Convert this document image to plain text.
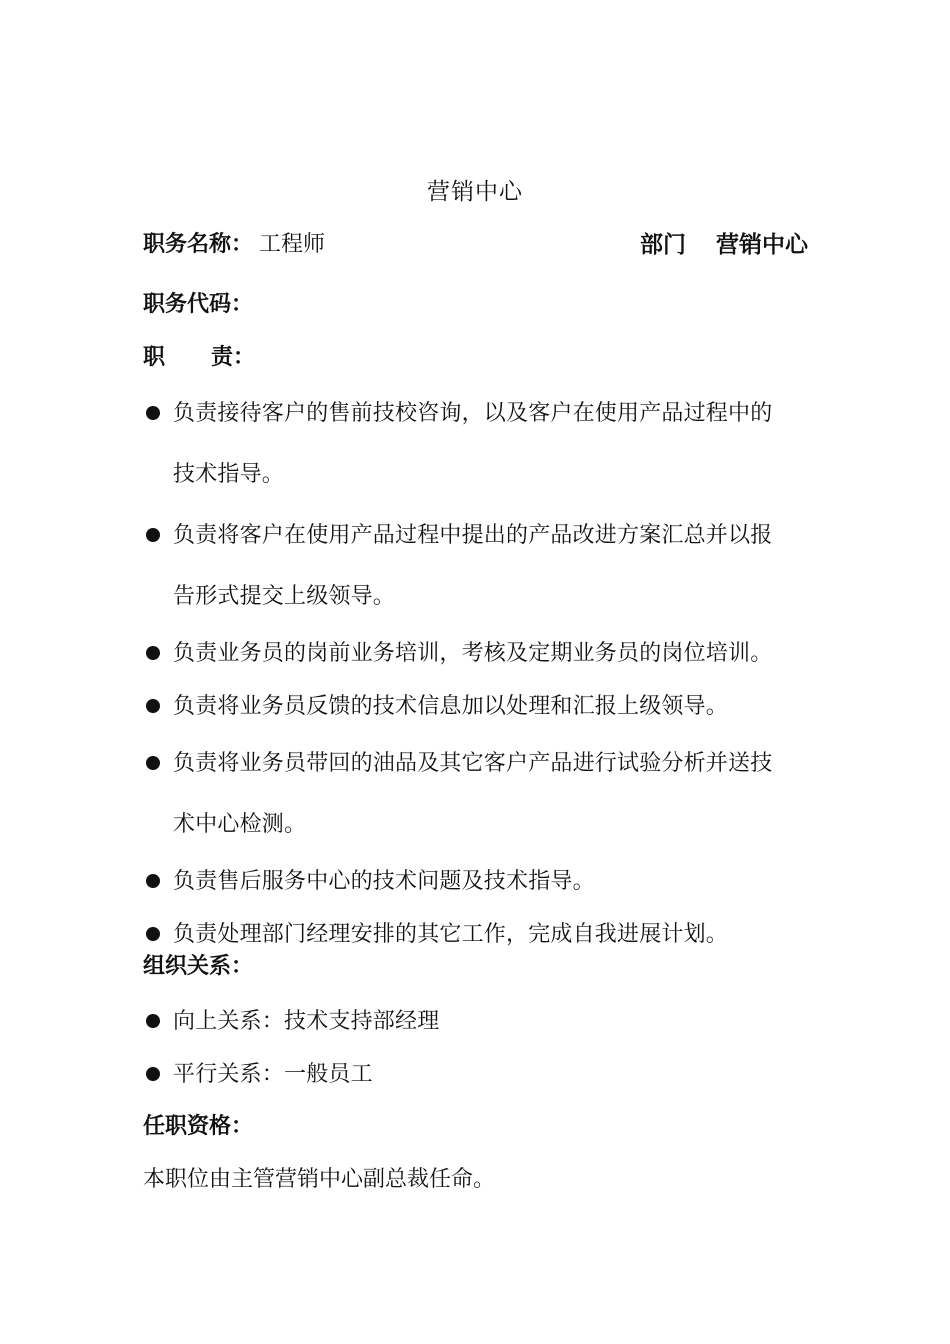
营销中心
职务名称： 工程师	部门 营销中心
职务代码：
职 责：
负责接待客户的售前技校咨询，以及客户在使用产品过程中的
技术指导。
负责将客户在使用产品过程中提出的产品改进方案汇总并以报
告形式提交上级领导。
负责业务员的岗前业务培训，考核及定期业务员的岗位培训。
负责将业务员反馈的技术信息加以处理和汇报上级领导。
负责将业务员带回的油品及其它客户产品进行试验分析并送技
术中心检测。
负责售后服务中心的技术问题及技术指导。
负责处理部门经理安排的其它工作，完成自我进展计划。
组织关系：
向上关系：技术支持部经理
平行关系：一般员工
任职资格：
本职位由主管营销中心副总裁任命。
